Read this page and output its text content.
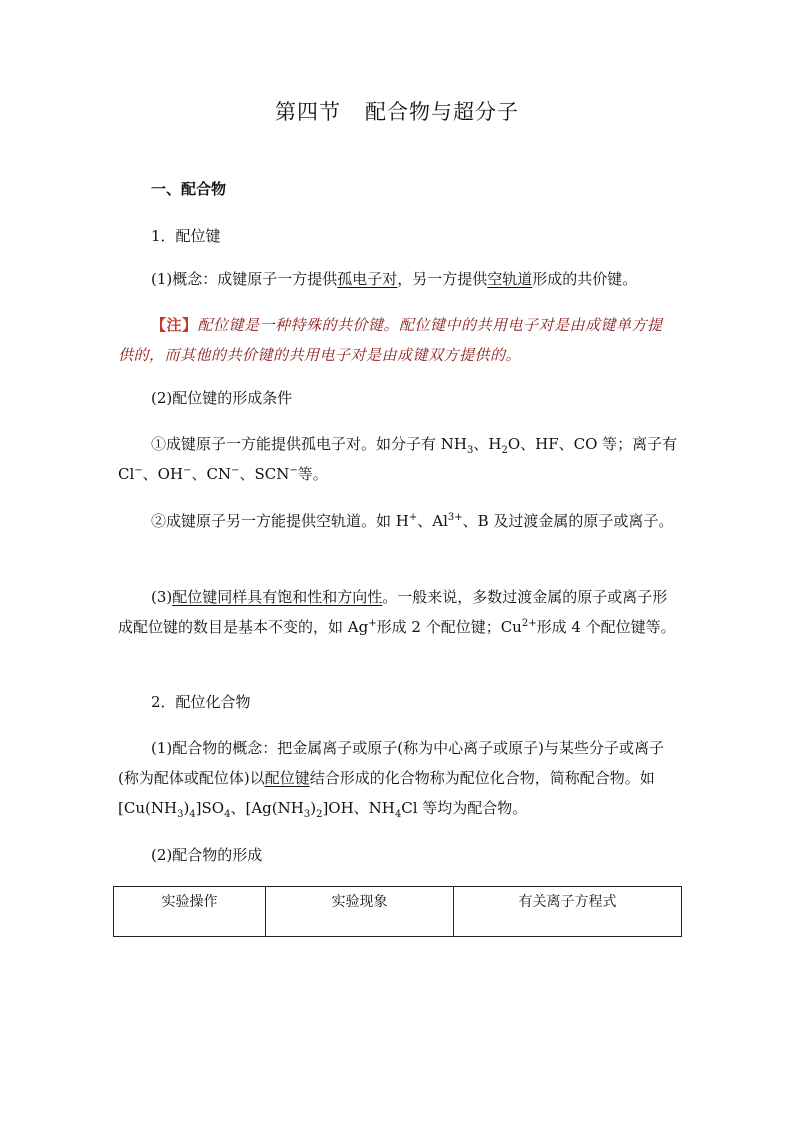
第四节 配合物与超分子

一、配合物

1．配位键

(1)概念：成键原子一方提供孤电子对，另一方提供空轨道形成的共价键。

【注】配位键是一种特殊的共价键。配位键中的共用电子对是由成键单方提供的，而其他的共价键的共用电子对是由成键双方提供的。

(2)配位键的形成条件

①成键原子一方能提供孤电子对。如分子有 $NH_3$、$H_2O$、HF、CO 等；离子有 Cl−、OH−、CN−、SCN−等。

②成键原子另一方能提供空轨道。如 H+、$Al^{3+}$、B 及过渡金属的原子或离子。

(3)配位键同样具有饱和性和方向性。一般来说，多数过渡金属的原子或离子形成配位键的数目是基本不变的，如 Ag+形成 2 个配位键；$Cu^{2+}$形成 4 个配位键等。

2．配位化合物

(1)配合物的概念：把金属离子或原子(称为中心离子或原子)与某些分子或离子(称为配体或配位体)以配位键结合形成的化合物称为配位化合物，简称配合物。如$[Cu(NH_3)_4]SO_4$、$[Ag(NH_3)_2]OH$、$NH_4Cl$ 等均为配合物。

(2)配合物的形成

实验操作	实验现象	有关离子方程式
